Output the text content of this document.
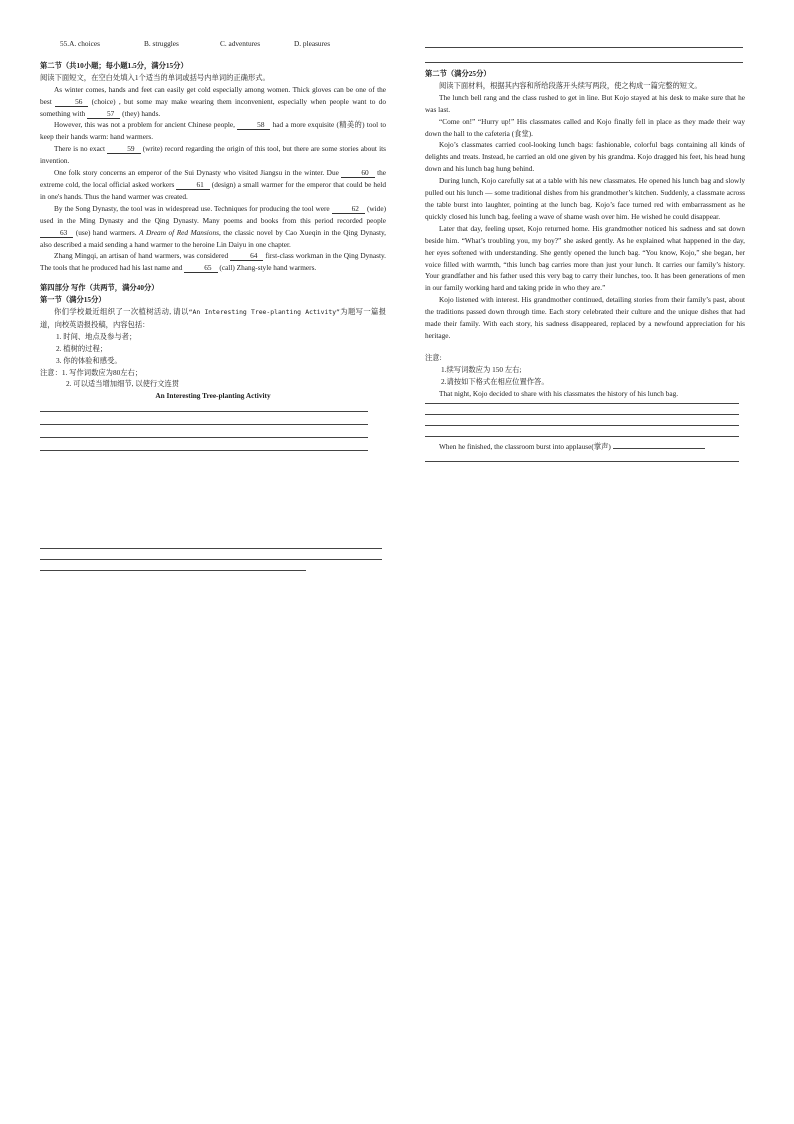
55.A. choices	B. struggles	C. adventures	D. pleasures

第二节（共10小题；每小题1.5分，满分15分）

阅读下面短文，在空白处填入1个适当的单词或括号内单词的正确形式。

As winter comes, hands and feet can easily get cold especially among women. Thick gloves can be one of the best	56 (choice) , but some may make wearing them inconvenient, especially when people want to do something with	57 (they) hands.

However, this was not a problem for ancient Chinese people,	58 had a more exquisite (精美的) tool to keep their hands warm: hand warmers.

There is no exact	59 (write) record regarding the origin of this tool, but there are some stories about its invention.

One folk story concerns an emperor of the Sui Dynasty who visited Jiangsu in the winter. Due	60 the extreme cold, the local official asked workers	61 (design) a small warmer for the emperor that could be held in one's hands. Thus the hand warmer was created.

By the Song Dynasty, the tool was in widespread use. Techniques for producing the tool were	62 (wide) used in the Ming Dynasty and the Qing Dynasty. Many poems and books from this period recorded people 63 (use) hand warmers. A Dream of Red Mansions, the classic novel by Cao Xueqin in the Qing Dynasty, also described a maid sending a hand warmer to the heroine Lin Daiyu in one chapter.

Zhang Mingqi, an artisan of hand warmers, was considered	64 first-class workman in the Qing Dynasty. The tools that he produced had his last name and	65 (call) Zhang-style hand warmers.

第四部分 写作（共两节，满分40分）

第一节（满分15分）

你们学校最近组织了一次植树活动, 请以“An Interesting Tree-planting Activity”为题写一篇报道，向校英语报投稿，内容包括：

1. 时间、地点及参与者；

2. 植树的过程；

3. 你的体验和感受。

注意：1. 写作词数应为80左右；

2. 可以适当增加细节, 以使行文连贯

An Interesting Tree-planting Activity

第二节（满分25分）

阅读下面材料，根据其内容和所给段落开头续写两段，使之构成一篇完整的短文。

The lunch bell rang and the class rushed to get in line. But Kojo stayed at his desk to make sure that he was last.

“Come on!” “Hurry up!” His classmates called and Kojo finally fell in place as they made their way down the hall to the cafeteria (食堂).

Kojo’s classmates carried cool-looking lunch bags: fashionable, colorful bags containing all kinds of delights and treats. Instead, he carried an old one given by his grandma. Kojo dragged his feet, his head hung down and his lunch bag hung behind.

During lunch, Kojo carefully sat at a table with his new classmates. He opened his lunch bag and slowly pulled out his lunch — some traditional dishes from his grandmother’s kitchen. Suddenly, a classmate across the table burst into laughter, pointing at the lunch bag. Kojo’s face turned red with embarrassment as he quickly closed his lunch bag, feeling a wave of shame wash over him. He wished he could disappear.

Later that day, feeling upset, Kojo returned home. His grandmother noticed his sadness and sat down beside him. “What’s troubling you, my boy?” she asked gently. As he explained what happened in the day, her eyes softened with understanding. She gently opened the lunch bag. “You know, Kojo,” she began, her voice filled with warmth, “this lunch bag carries more than just your lunch. It carries our family’s history. Your grandfather and his father used this very bag to carry their lunches, too. It has been generations of men in our family working hard and taking pride in who they are.”

Kojo listened with interest. His grandmother continued, detailing stories from their family’s past, about the traditions passed down through time. Each story celebrated their culture and the unique dishes that had made their family. With each story, his sadness disappeared, replaced by a newfound appreciation for his heritage.

注意:

1.续写词数应为 150 左右;

2.请按如下格式在相应位置作答。

That night, Kojo decided to share with his classmates the history of his lunch bag.

When he finished, the classroom burst into applause(掌声)
